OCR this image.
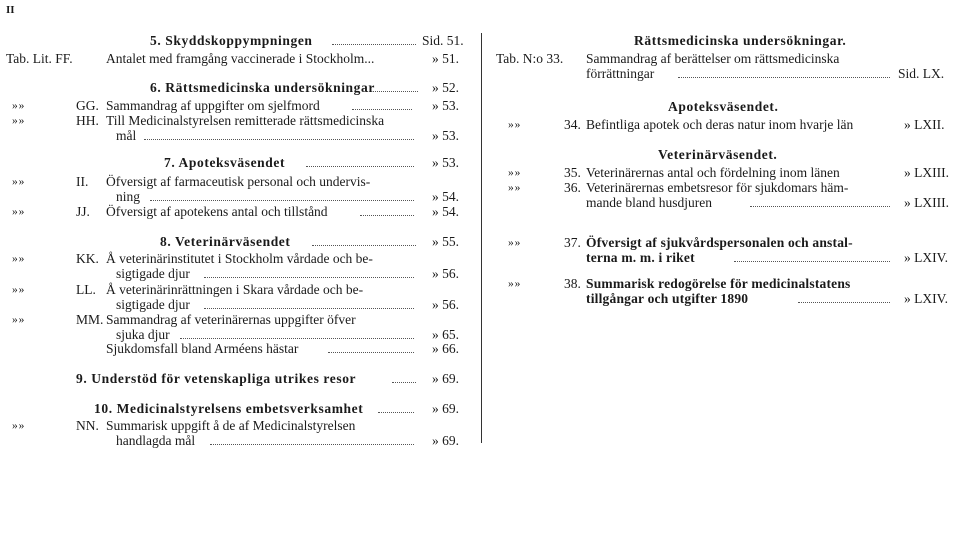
II
5. Skyddskoppympningen	Sid. 51.
Tab. Lit. FF. Antalet med framgång vaccinerade i Stockholm...	» 51.
6. Rättsmedicinska undersökningar	» 52.
» »	GG. Sammandrag af uppgifter om sjelfmord	» 53.
» »	HH. Till Medicinalstyrelsen remitterade rättsmedicinska
mål	» 53.
7. Apoteksväsendet	» 53.
» »	II. Öfversigt af farmaceutisk personal och undervis-
ning	» 54.
» »	JJ. Öfversigt af apotekens antal och tillstånd	» 54.
8. Veterinärväsendet	» 55.
» »	KK. Å veterinärinstitutet i Stockholm vårdade och be-
sigtigade djur	» 56.
» »	LL. Å veterinärinrättningen i Skara vårdade och be-
sigtigade djur	» 56.
» »	MM. Sammandrag af veterinärernas uppgifter öfver
sjuka djur	» 65.
Sjukdomsfall bland Arméens hästar	» 66.
9. Understöd för vetenskapliga utrikes resor	» 69.
10. Medicinalstyrelsens embetsverksamhet	» 69.
» »	NN. Summarisk uppgift å de af Medicinalstyrelsen
handlagda mål	» 69.
Rättsmedicinska undersökningar.
Tab. N:o 33. Sammandrag af berättelser om rättsmedicinska
förrättningar	Sid. LX.
Apoteksväsendet.
» »	34. Befintliga apotek och deras natur inom hvarje län	» LXII.
Veterinärväsendet.
» »	35. Veterinärernas antal och fördelning inom länen	» LXIII.
» »	36. Veterinärernas embetsresor för sjukdomars häm-
mande bland husdjuren	» LXIII.
» »	37. Öfversigt af sjukvårdspersonalen och anstal-
terna m. m. i riket	» LXIV.
» »	38. Summarisk redogörelse för medicinalstatens
tillgångar och utgifter 1890	» LXIV.
